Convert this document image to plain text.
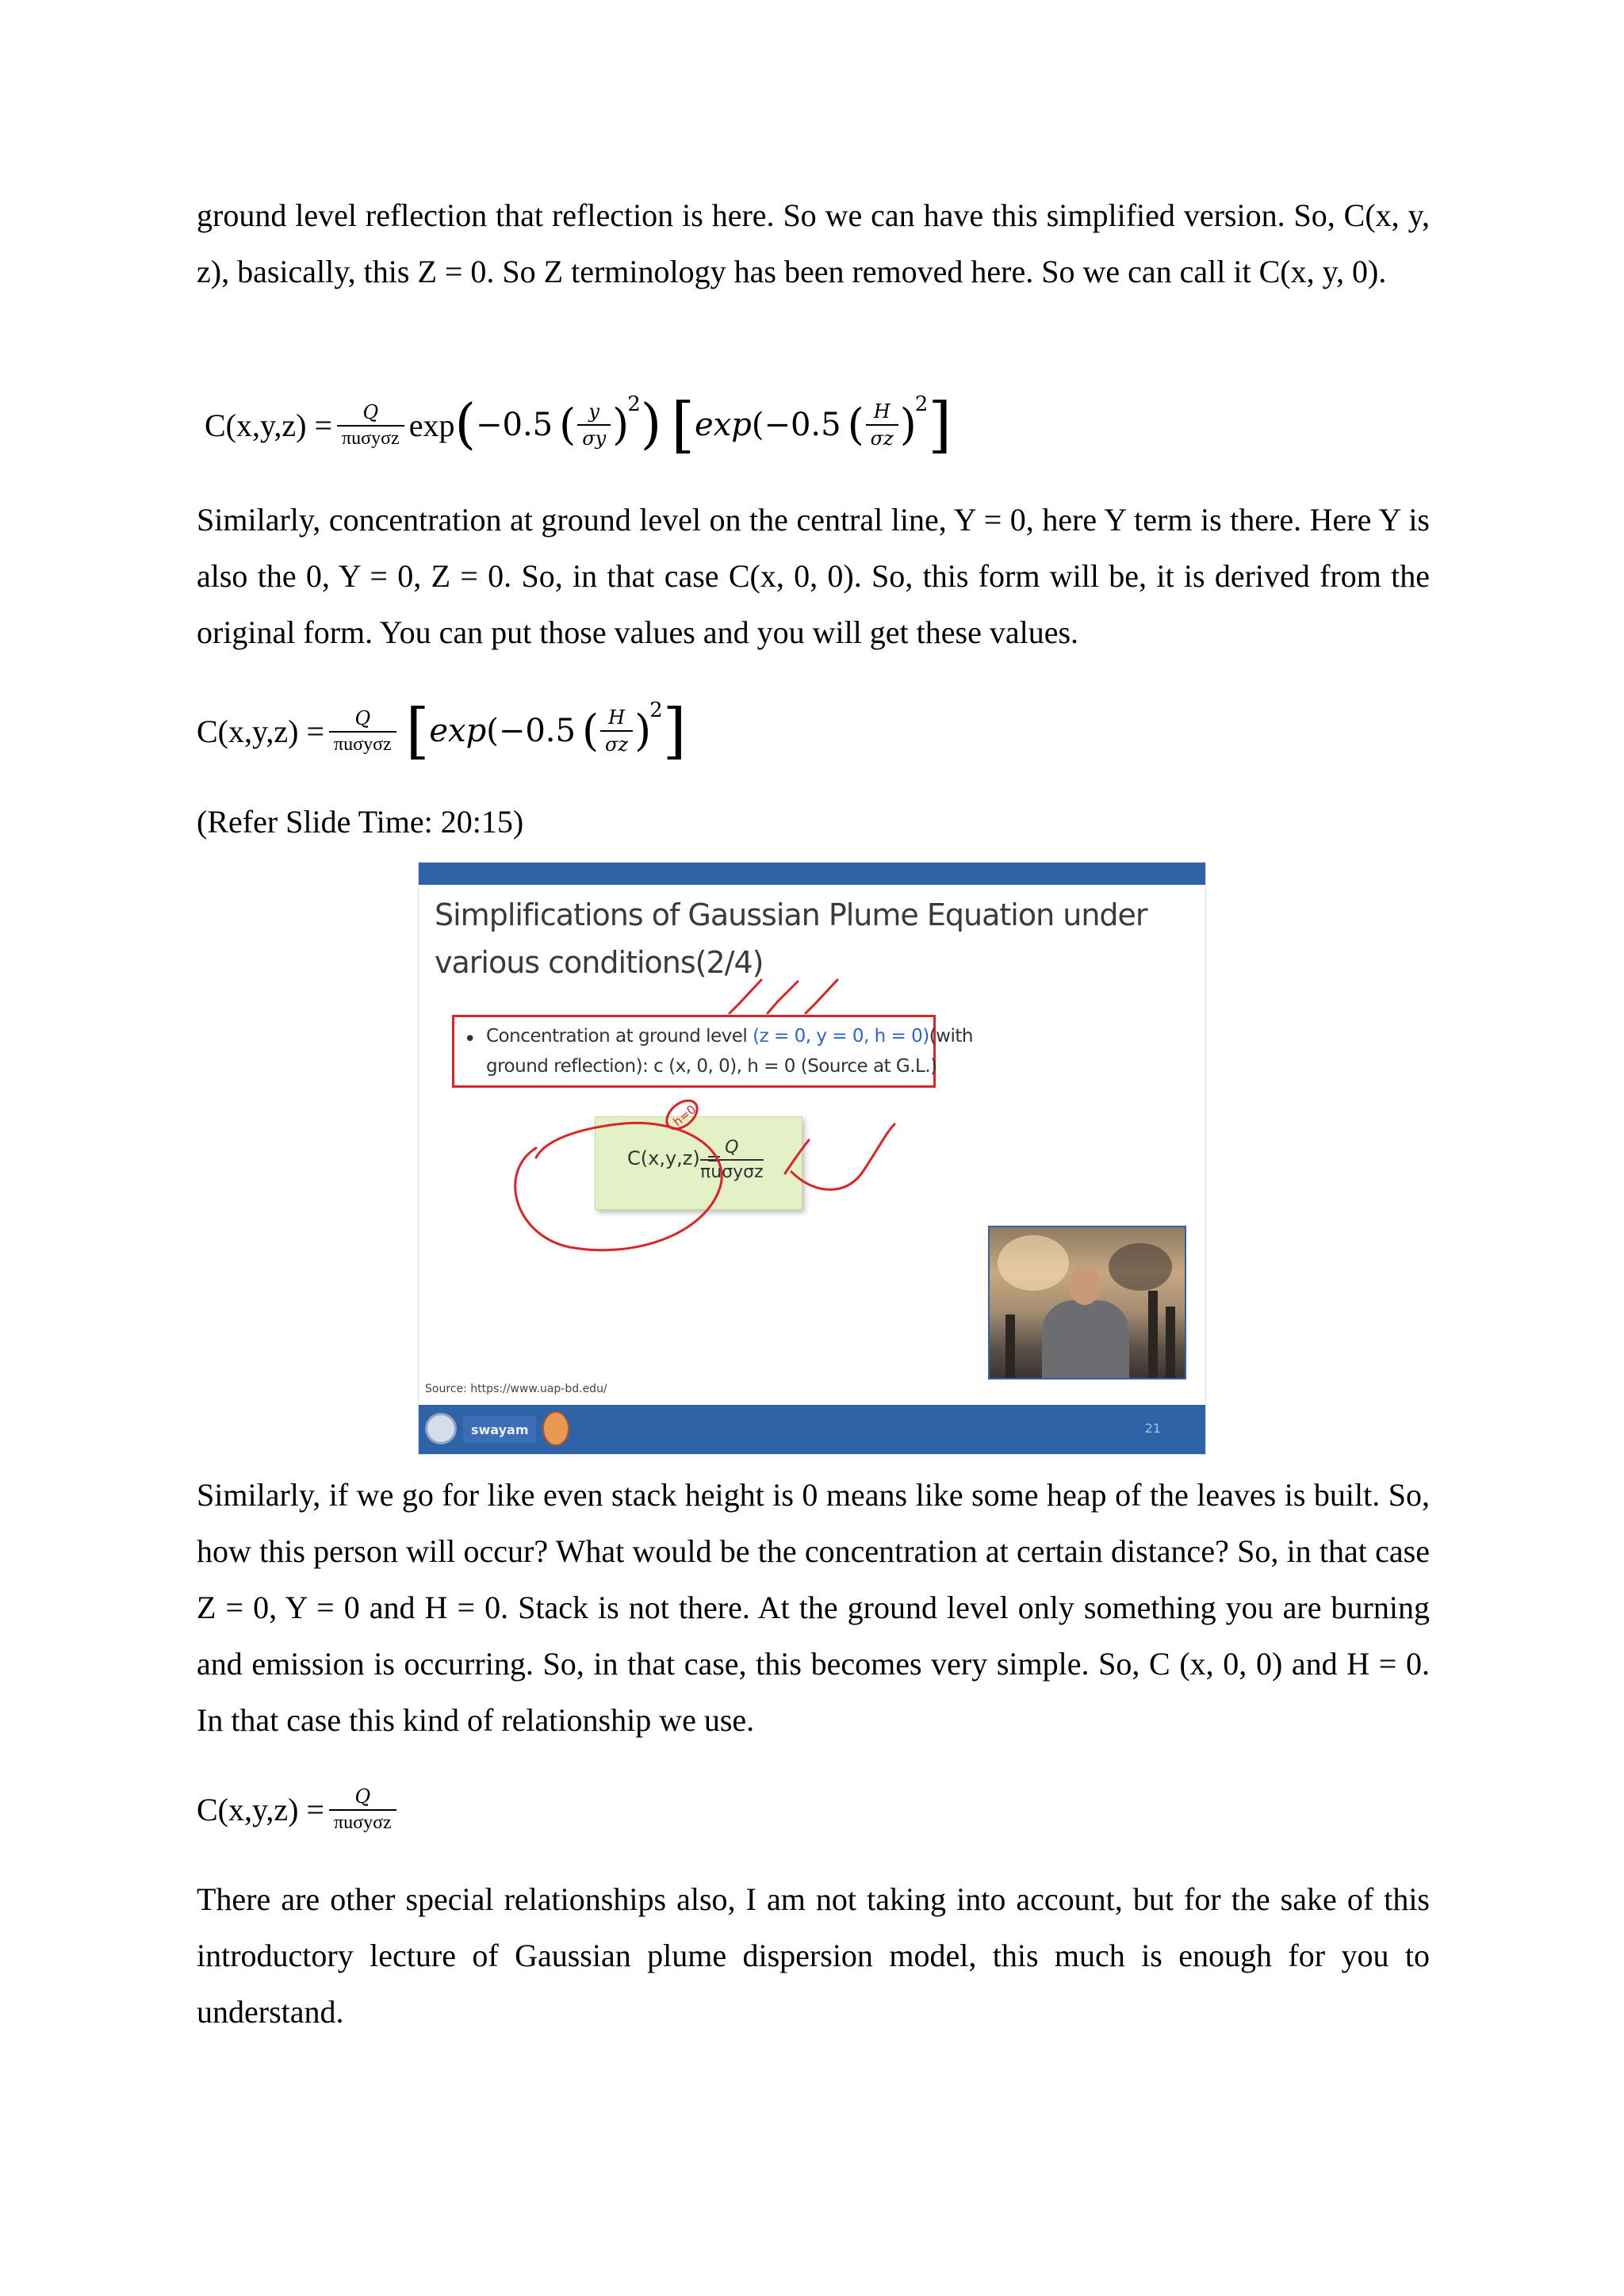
ground level reflection that reflection is here. So we can have this simplified version. So, C(x, y, z), basically, this Z = 0. So Z terminology has been removed here. So we can call it C(x, y, 0).

$C(x,y,z) = \frac{Q}{\text{πuσyσz}}$ exp ( −0.5 ( $\frac{y}{\sigma y}$ )
2 ) [ exp ( −0.5 ( $\frac{H}{\sigma z}$ )
2 ]

Similarly, concentration at ground level on the central line, Y = 0, here Y term is there. Here Y is also the 0, Y = 0, Z = 0. So, in that case C(x, 0, 0). So, this form will be, it is derived from the original form. You can put those values and you will get these values.

$C(x,y,z) = \frac{Q}{\text{πuσyσz}}$ [ exp ( −0.5 ( $\frac{H}{\sigma z}$ )
2 ]
(Refer Slide Time: 20:15)
Simplifications of Gaussian Plume Equation under
various conditions(2/4)
• Concentration at ground level (z = 0, y = 0, h = 0)(with
ground reflection): c (x, 0, 0), h = 0 (Source at G.L.)
C(x,y,z) = Q
πuσyσz
h=0
Source: https://www.uap-bd.edu/
swayam	21

Similarly, if we go for like even stack height is 0 means like some heap of the leaves is built. So, how this person will occur? What would be the concentration at certain distance? So, in that case Z = 0, Y = 0 and H = 0. Stack is not there. At the ground level only something you are burning and emission is occurring. So, in that case, this becomes very simple. So, C (x, 0, 0) and H = 0. In that case this kind of relationship we use.

$C(x,y,z) = \frac{Q}{\text{πuσyσz}}$

There are other special relationships also, I am not taking into account, but for the sake of this introductory lecture of Gaussian plume dispersion model, this much is enough for you to understand.
